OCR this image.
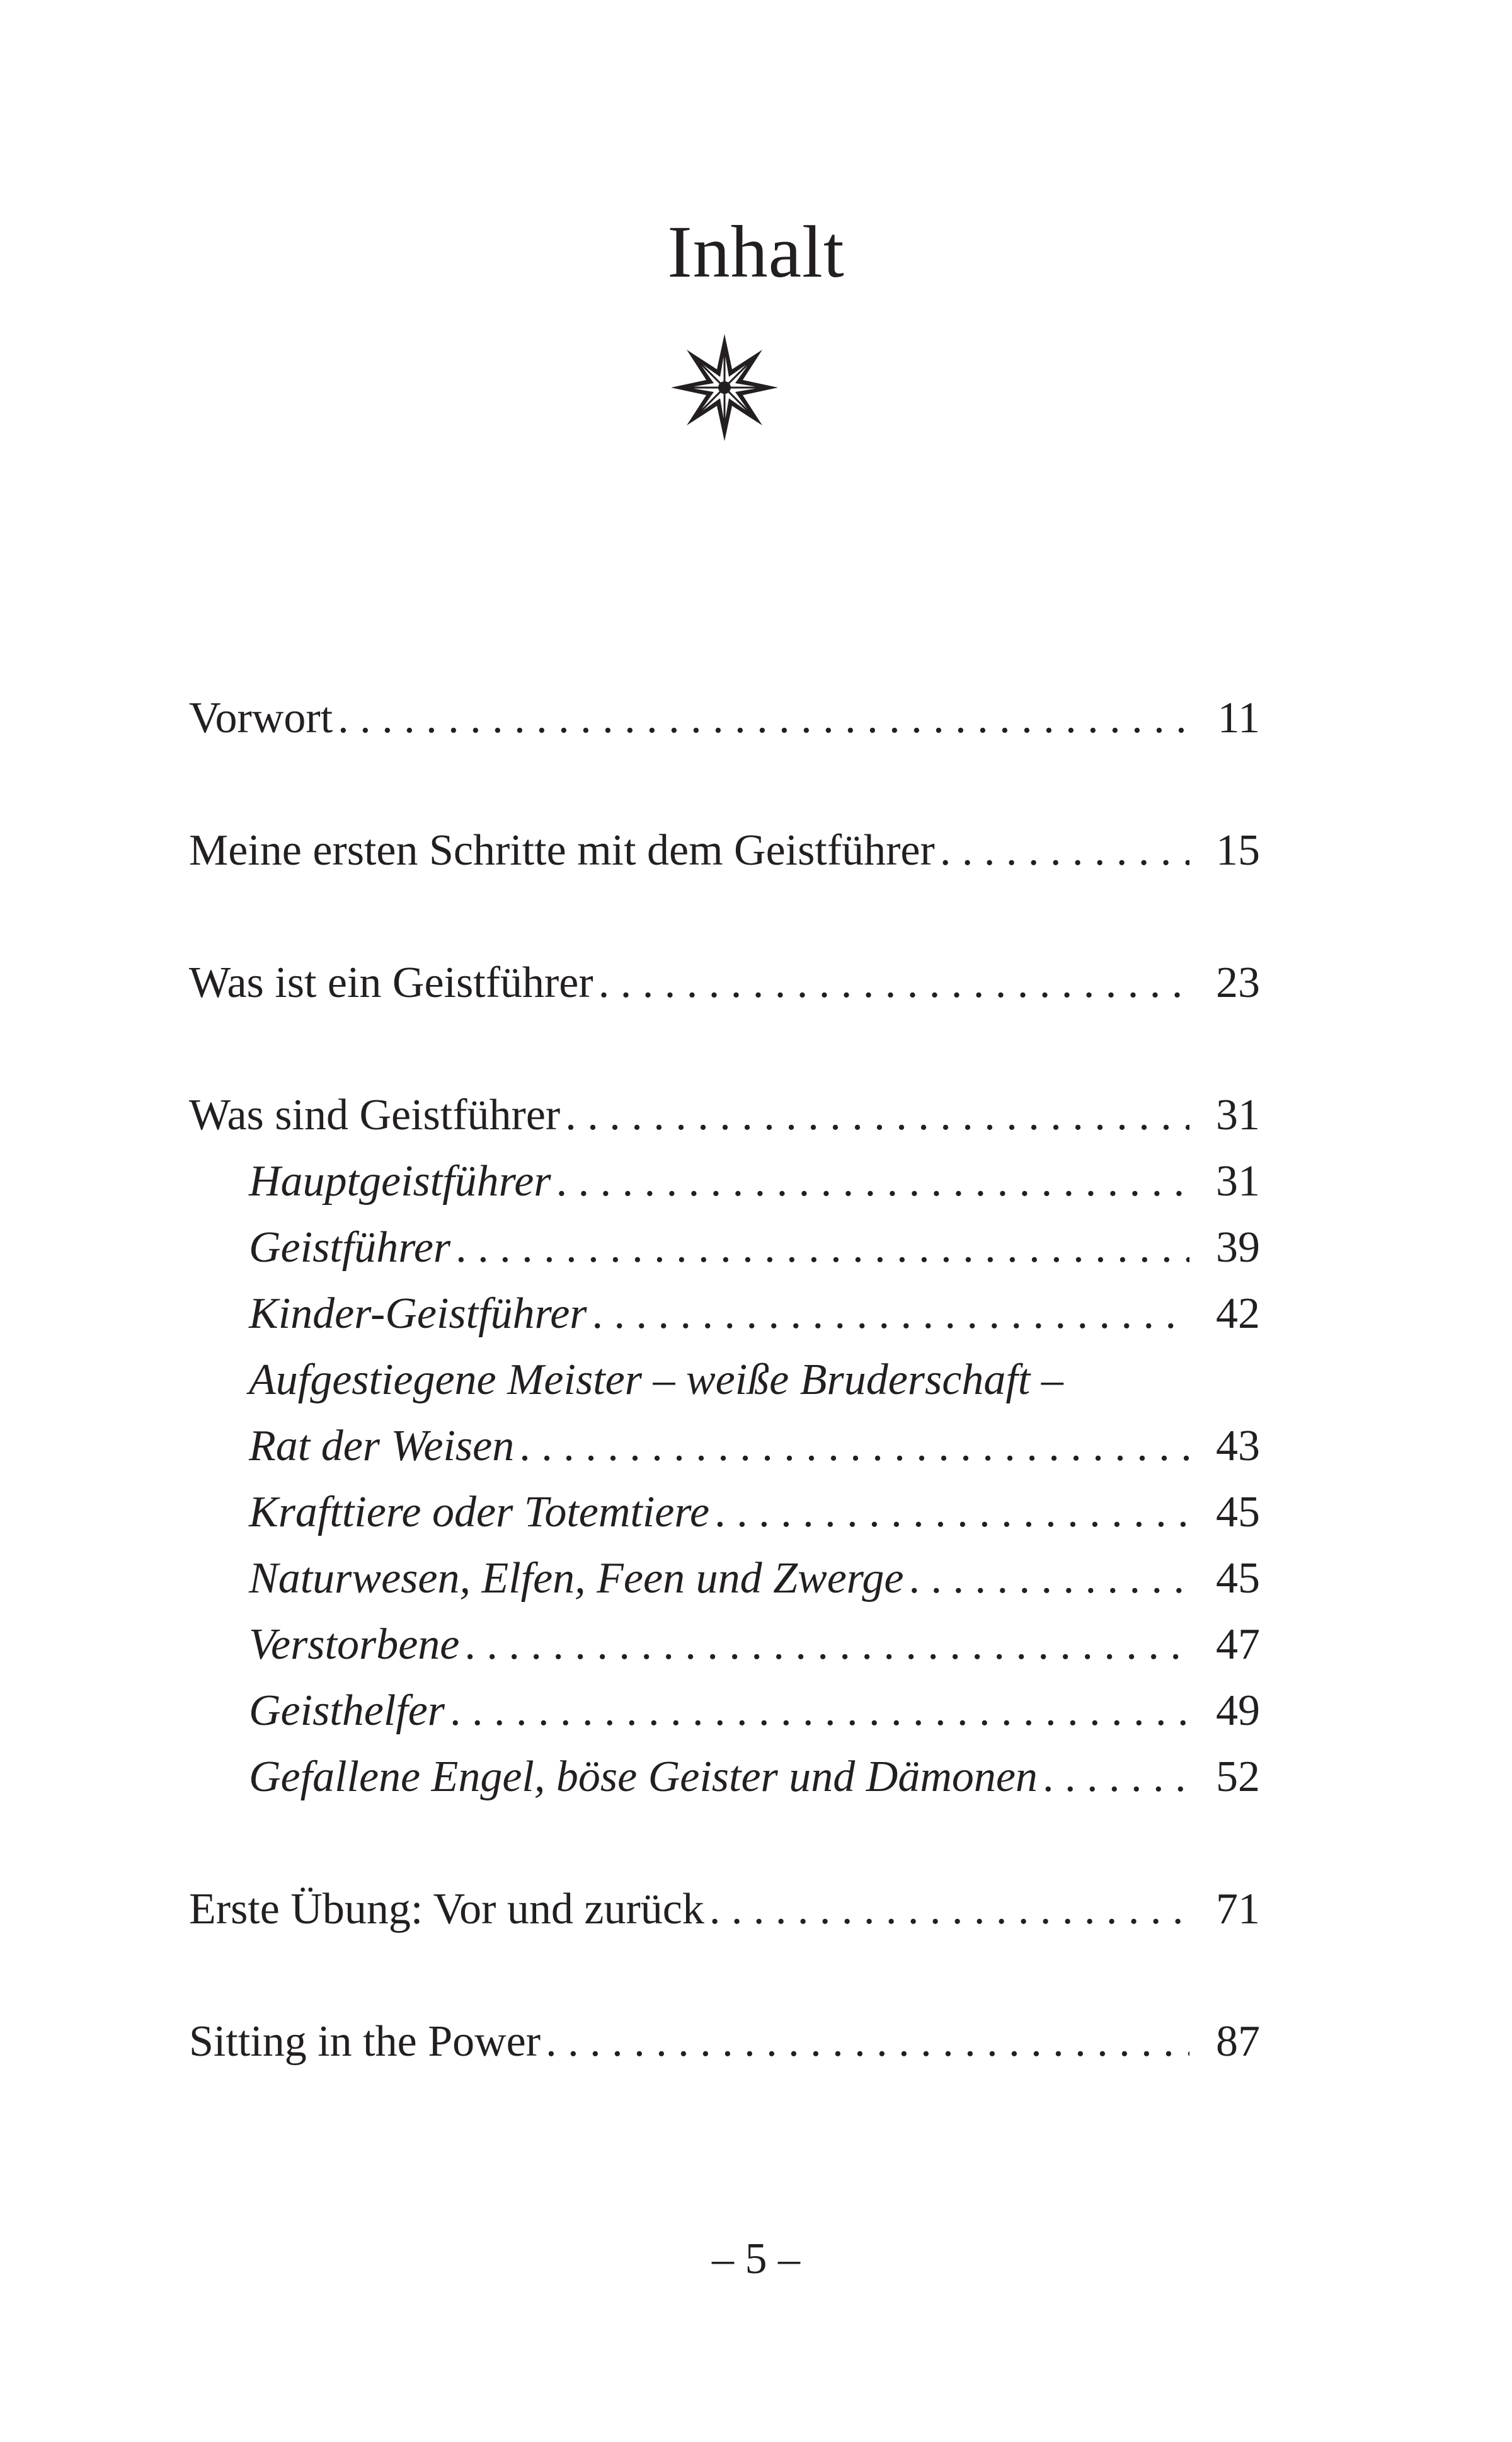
Inhalt
Vorwort . . .	11
Meine ersten Schritte mit dem Geistführer . . .	15
Was ist ein Geistführer . . .	23
Was sind Geistführer . . .	31
Hauptgeistführer . . .	31
Geistführer . . .	39
Kinder-Geistführer . . .	42
Aufgestiegene Meister – weiße Bruderschaft –
Rat der Weisen . . .	43
Krafttiere oder Totemtiere . . .	45
Naturwesen, Elfen, Feen und Zwerge . . .	45
Verstorbene . . .	47
Geisthelfer . . .	49
Gefallene Engel, böse Geister und Dämonen . . .	52
Erste Übung: Vor und zurück . . .	71
Sitting in the Power . . .	87
– 5 –
